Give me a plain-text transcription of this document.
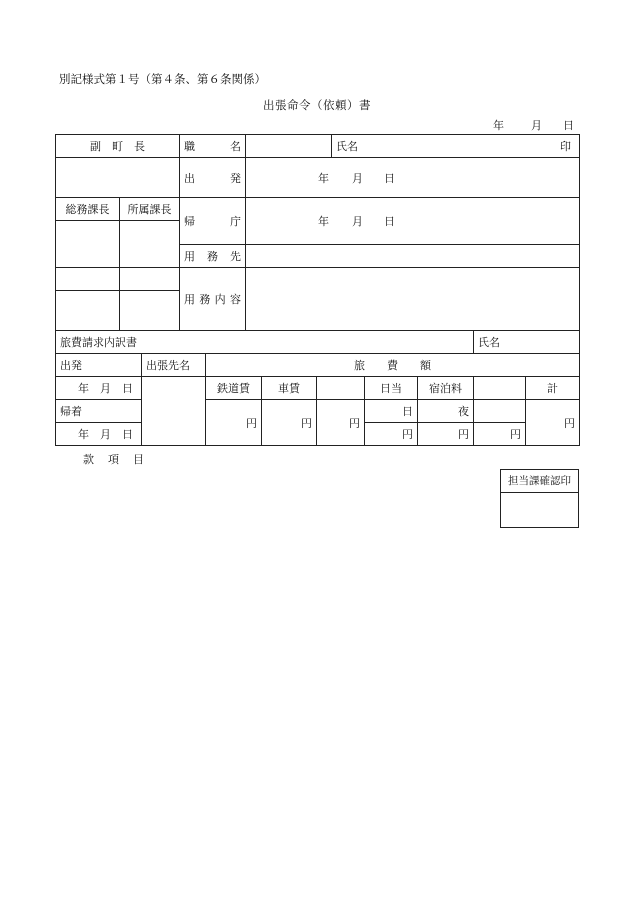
別記様式第１号（第４条、第６条関係）
出張命令（依頼）書
年 月 日
副　町　長		職　　名		氏名 印

		出　　発	年 月 日	
総務課長	所属課長	帰　　庁	年 月 日	

		用　務　先		
		用務内容		

旅費請求内訳書							氏名	
出発	出張先名	旅　　費　　額						
年 月 日		鉄道賃	車賃		日当	宿泊料		計
帰着		円	円	円	日	夜		円
年 月 日					円	円	円	
款 項 目
担当課確認印
